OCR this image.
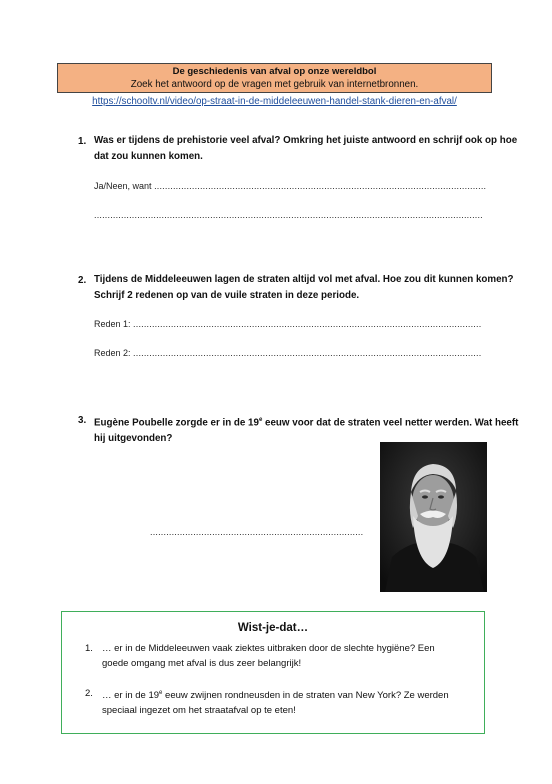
De geschiedenis van afval op onze wereldbol
Zoek het antwoord op de vragen met gebruik van internetbronnen.
https://schooltv.nl/video/op-straat-in-de-middeleeuwen-handel-stank-dieren-en-afval/
1. Was er tijdens de prehistorie veel afval? Omkring het juiste antwoord en schrijf ook op hoe dat zou kunnen komen.
Ja/Neen, want ...........................................................................................................................
................................................................................................................................................
2. Tijdens de Middeleeuwen lagen de straten altijd vol met afval. Hoe zou dit kunnen komen? Schrijf 2 redenen op van de vuile straten in deze periode.
Reden 1: .................................................................................................................................
Reden 2: .................................................................................................................................
3. Eugène Poubelle zorgde er in de 19e eeuw voor dat de straten veel netter werden. Wat heeft hij uitgevonden?
...............................................................................
Wist-je-dat…
1. … er in de Middeleeuwen vaak ziektes uitbraken door de slechte hygiëne? Een goede omgang met afval is dus zeer belangrijk!
2. … er in de 19e eeuw zwijnen rondneusden in de straten van New York? Ze werden speciaal ingezet om het straatafval op te eten!
